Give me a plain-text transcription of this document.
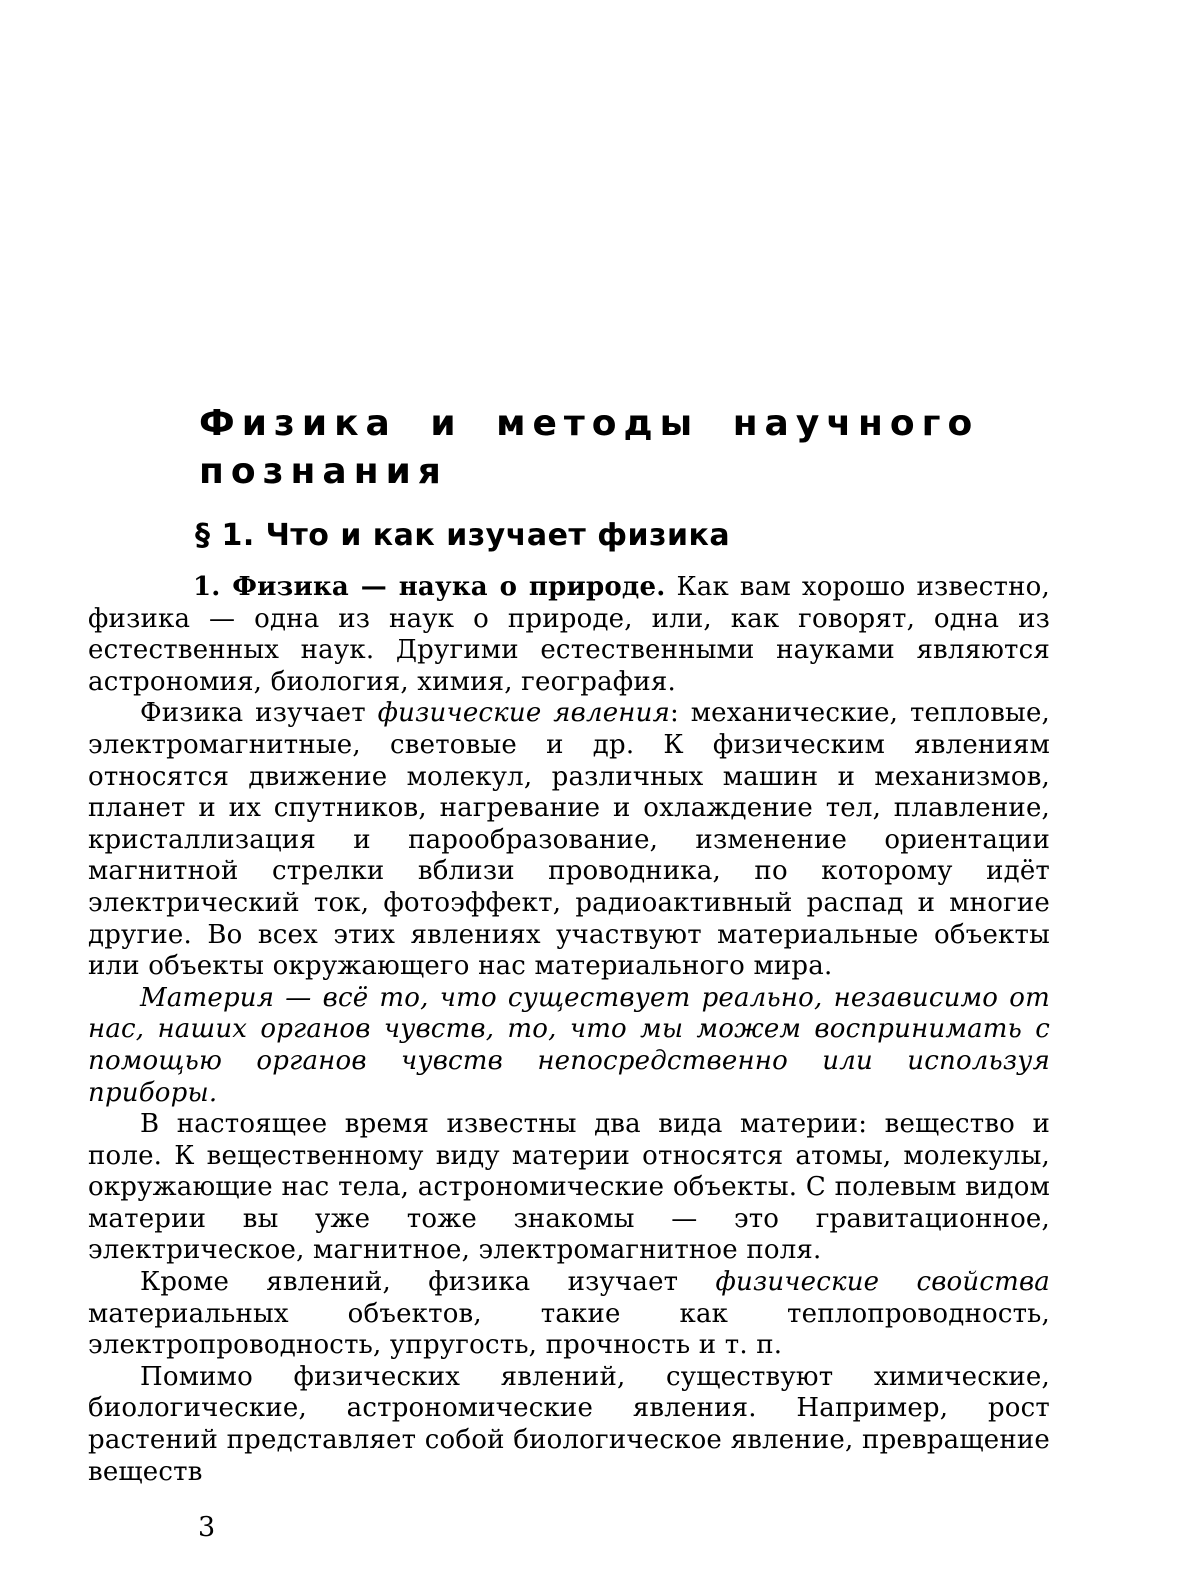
Физика и методы научного познания
§ 1. Что и как изучает физика

1. Физика — наука о природе. Как вам хорошо известно, физика — одна из наук о природе, или, как говорят, одна из естественных наук. Другими естественными науками являются астрономия, биология, химия, география.

Физика изучает физические явления: механические, тепловые, электромагнитные, световые и др. К физическим явлениям относятся движение молекул, различных машин и механизмов, планет и их спутников, нагревание и охлаждение тел, плавление, кристаллизация и парообразование, изменение ориентации магнитной стрелки вблизи проводника, по которому идёт электрический ток, фотоэффект, радиоактивный распад и многие другие. Во всех этих явлениях участвуют материальные объекты или объекты окружающего нас материального мира.

Материя — всё то, что существует реально, независимо от нас, наших органов чувств, то, что мы можем воспринимать с помощью органов чувств непосредственно или используя приборы.

В настоящее время известны два вида материи: вещество и поле. К вещественному виду материи относятся атомы, молекулы, окружающие нас тела, астрономические объекты. С полевым видом материи вы уже тоже знакомы — это гравитационное, электрическое, магнитное, электромагнитное поля.

Кроме явлений, физика изучает физические свойства материальных объектов, такие как теплопроводность, электропроводность, упругость, прочность и т. п.

Помимо физических явлений, существуют химические, биологические, астрономические явления. Например, рост растений представляет собой биологическое явление, превращение веществ

3
